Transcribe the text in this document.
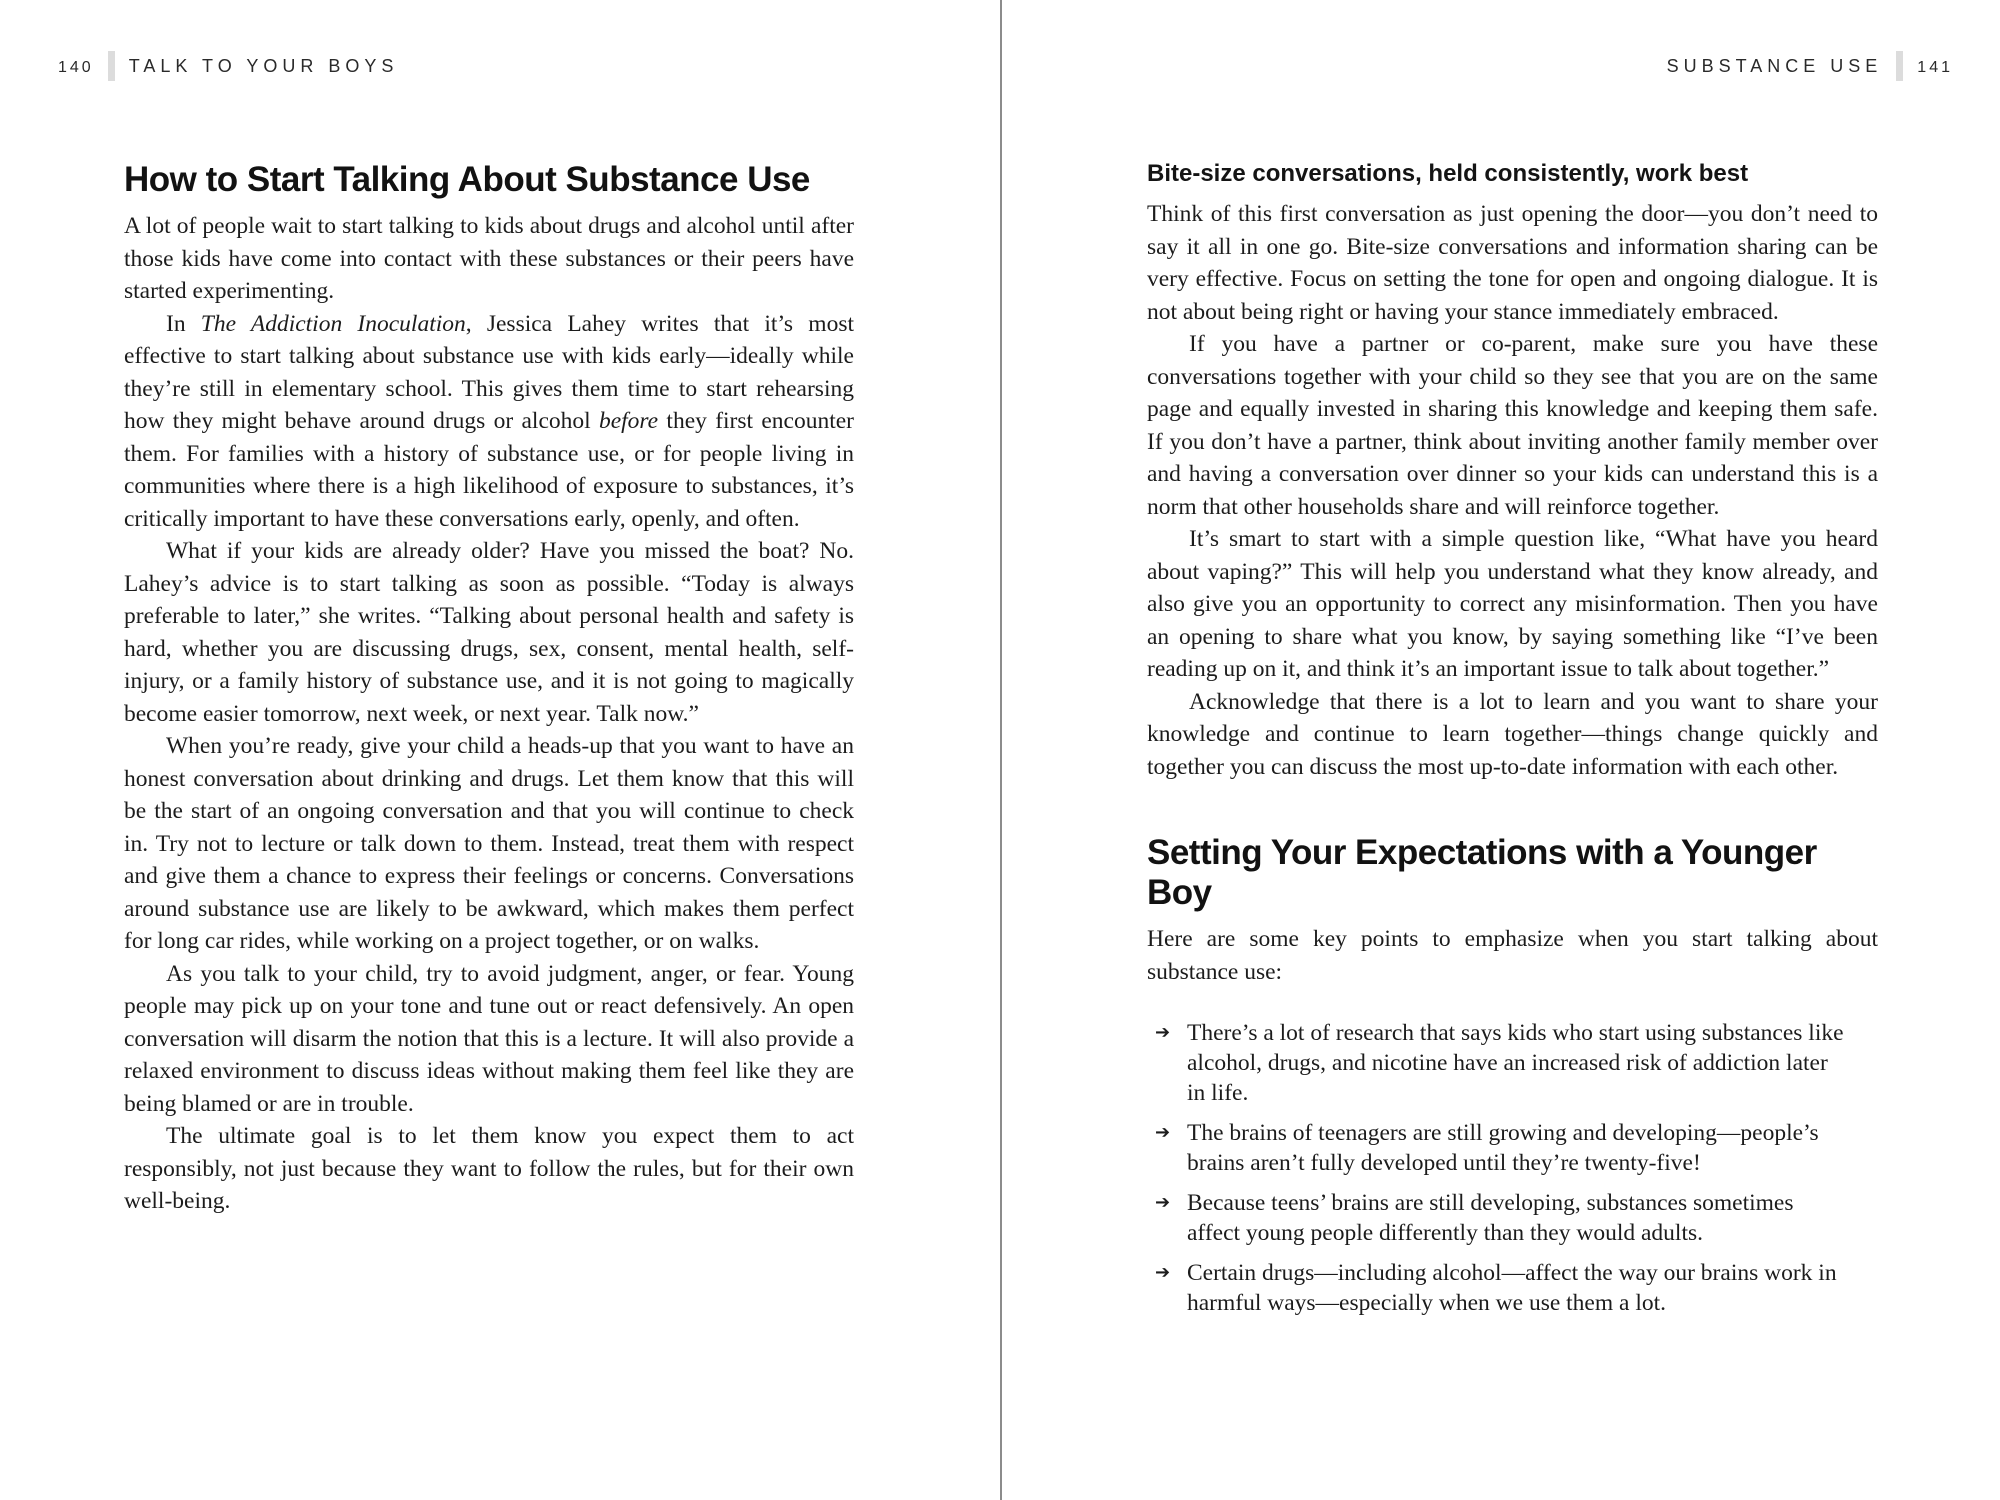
140 TALK TO YOUR BOYS
How to Start Talking About Substance Use

A lot of people wait to start talking to kids about drugs and alcohol until after those kids have come into contact with these substances or their peers have started experimenting.

In The Addiction Inoculation, Jessica Lahey writes that it’s most effective to start talking about substance use with kids early—ideally while they’re still in elementary school. This gives them time to start rehearsing how they might behave around drugs or alcohol before they first encounter them. For families with a history of substance use, or for people living in communities where there is a high likelihood of exposure to substances, it’s critically important to have these conversations early, openly, and often.

What if your kids are already older? Have you missed the boat? No. Lahey’s advice is to start talking as soon as possible. “Today is always preferable to later,” she writes. “Talking about personal health and safety is hard, whether you are discussing drugs, sex, consent, mental health, self-injury, or a family history of substance use, and it is not going to magically become easier tomorrow, next week, or next year. Talk now.”

When you’re ready, give your child a heads-up that you want to have an honest conversation about drinking and drugs. Let them know that this will be the start of an ongoing conversation and that you will continue to check in. Try not to lecture or talk down to them. Instead, treat them with respect and give them a chance to express their feelings or concerns. Conversations around substance use are likely to be awkward, which makes them perfect for long car rides, while working on a project together, or on walks.

As you talk to your child, try to avoid judgment, anger, or fear. Young people may pick up on your tone and tune out or react defensively. An open conversation will disarm the notion that this is a lecture. It will also provide a relaxed environment to discuss ideas without making them feel like they are being blamed or are in trouble.

The ultimate goal is to let them know you expect them to act responsibly, not just because they want to follow the rules, but for their own well-being.

SUBSTANCE USE 141
Bite-size conversations, held consistently, work best

Think of this first conversation as just opening the door—you don’t need to say it all in one go. Bite-size conversations and information sharing can be very effective. Focus on setting the tone for open and ongoing dialogue. It is not about being right or having your stance immediately embraced.

If you have a partner or co-parent, make sure you have these conversations together with your child so they see that you are on the same page and equally invested in sharing this knowledge and keeping them safe. If you don’t have a partner, think about inviting another family member over and having a conversation over dinner so your kids can understand this is a norm that other households share and will reinforce together.

It’s smart to start with a simple question like, “What have you heard about vaping?” This will help you understand what they know already, and also give you an opportunity to correct any misinformation. Then you have an opening to share what you know, by saying something like “I’ve been reading up on it, and think it’s an important issue to talk about together.”

Acknowledge that there is a lot to learn and you want to share your knowledge and continue to learn together—things change quickly and together you can discuss the most up-to-date information with each other.

Setting Your Expectations with a Younger Boy

Here are some key points to emphasize when you start talking about substance use:

➔ There’s a lot of research that says kids who start using substances like alcohol, drugs, and nicotine have an increased risk of addiction later in life.
➔ The brains of teenagers are still growing and developing—people’s brains aren’t fully developed until they’re twenty-five!
➔ Because teens’ brains are still developing, substances sometimes affect young people differently than they would adults.
➔ Certain drugs—including alcohol—affect the way our brains work in harmful ways—especially when we use them a lot.
